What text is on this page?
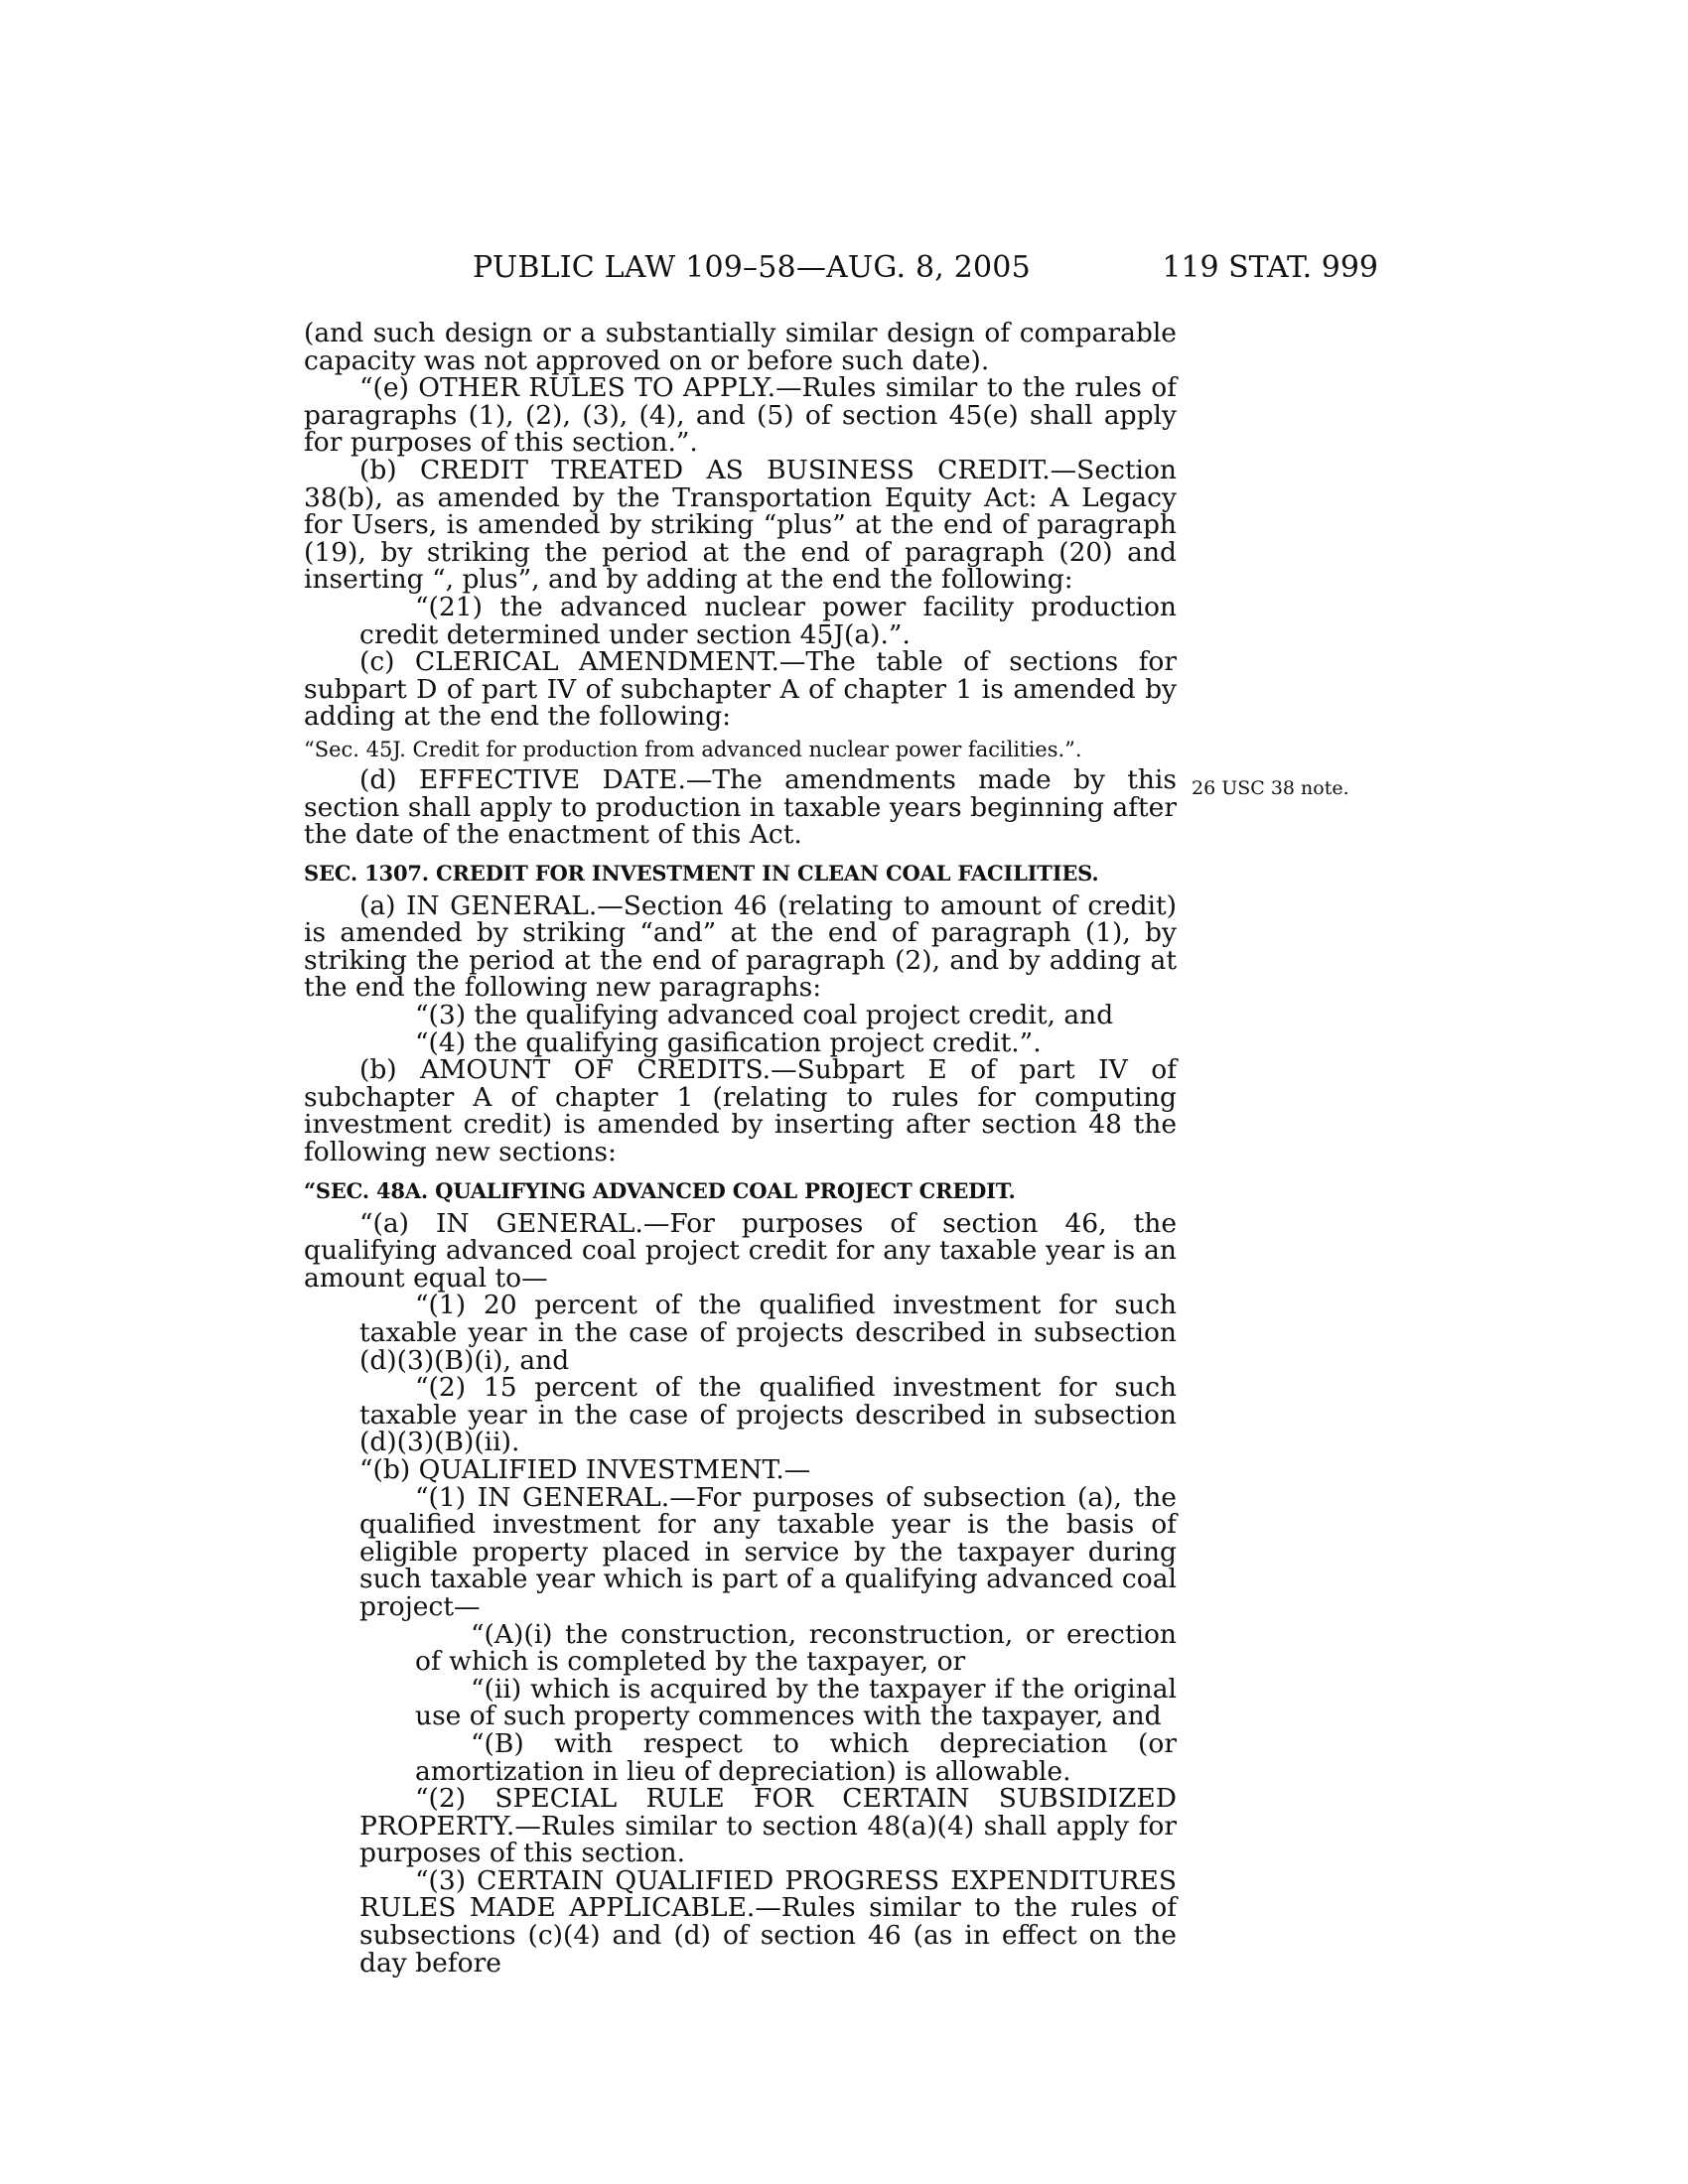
PUBLIC LAW 109–58—AUG. 8, 2005	119 STAT. 999
26 USC 38 note.

(and such design or a substantially similar design of comparable capacity was not approved on or before such date).

“(e) OTHER RULES TO APPLY.—Rules similar to the rules of paragraphs (1), (2), (3), (4), and (5) of section 45(e) shall apply for purposes of this section.”.

(b) CREDIT TREATED AS BUSINESS CREDIT.—Section 38(b), as amended by the Transportation Equity Act: A Legacy for Users, is amended by striking “plus” at the end of paragraph (19), by striking the period at the end of paragraph (20) and inserting “, plus”, and by adding at the end the following:

“(21) the advanced nuclear power facility production credit determined under section 45J(a).”.

(c) CLERICAL AMENDMENT.—The table of sections for subpart D of part IV of subchapter A of chapter 1 is amended by adding at the end the following:

“Sec. 45J. Credit for production from advanced nuclear power facilities.”.

(d) EFFECTIVE DATE.—The amendments made by this section shall apply to production in taxable years beginning after the date of the enactment of this Act.

SEC. 1307. CREDIT FOR INVESTMENT IN CLEAN COAL FACILITIES.

(a) IN GENERAL.—Section 46 (relating to amount of credit) is amended by striking “and” at the end of paragraph (1), by striking the period at the end of paragraph (2), and by adding at the end the following new paragraphs:

“(3) the qualifying advanced coal project credit, and

“(4) the qualifying gasification project credit.”.

(b) AMOUNT OF CREDITS.—Subpart E of part IV of subchapter A of chapter 1 (relating to rules for computing investment credit) is amended by inserting after section 48 the following new sections:

“SEC. 48A. QUALIFYING ADVANCED COAL PROJECT CREDIT.

“(a) IN GENERAL.—For purposes of section 46, the qualifying advanced coal project credit for any taxable year is an amount equal to—

“(1) 20 percent of the qualified investment for such taxable year in the case of projects described in subsection (d)(3)(B)(i), and

“(2) 15 percent of the qualified investment for such taxable year in the case of projects described in subsection (d)(3)(B)(ii).

“(b) QUALIFIED INVESTMENT.—

“(1) IN GENERAL.—For purposes of subsection (a), the qualified investment for any taxable year is the basis of eligible property placed in service by the taxpayer during such taxable year which is part of a qualifying advanced coal project—

“(A)(i) the construction, reconstruction, or erection of which is completed by the taxpayer, or

“(ii) which is acquired by the taxpayer if the original use of such property commences with the taxpayer, and

“(B) with respect to which depreciation (or amortization in lieu of depreciation) is allowable.

“(2) SPECIAL RULE FOR CERTAIN SUBSIDIZED PROPERTY.—Rules similar to section 48(a)(4) shall apply for purposes of this section.

“(3) CERTAIN QUALIFIED PROGRESS EXPENDITURES RULES MADE APPLICABLE.—Rules similar to the rules of subsections (c)(4) and (d) of section 46 (as in effect on the day before
